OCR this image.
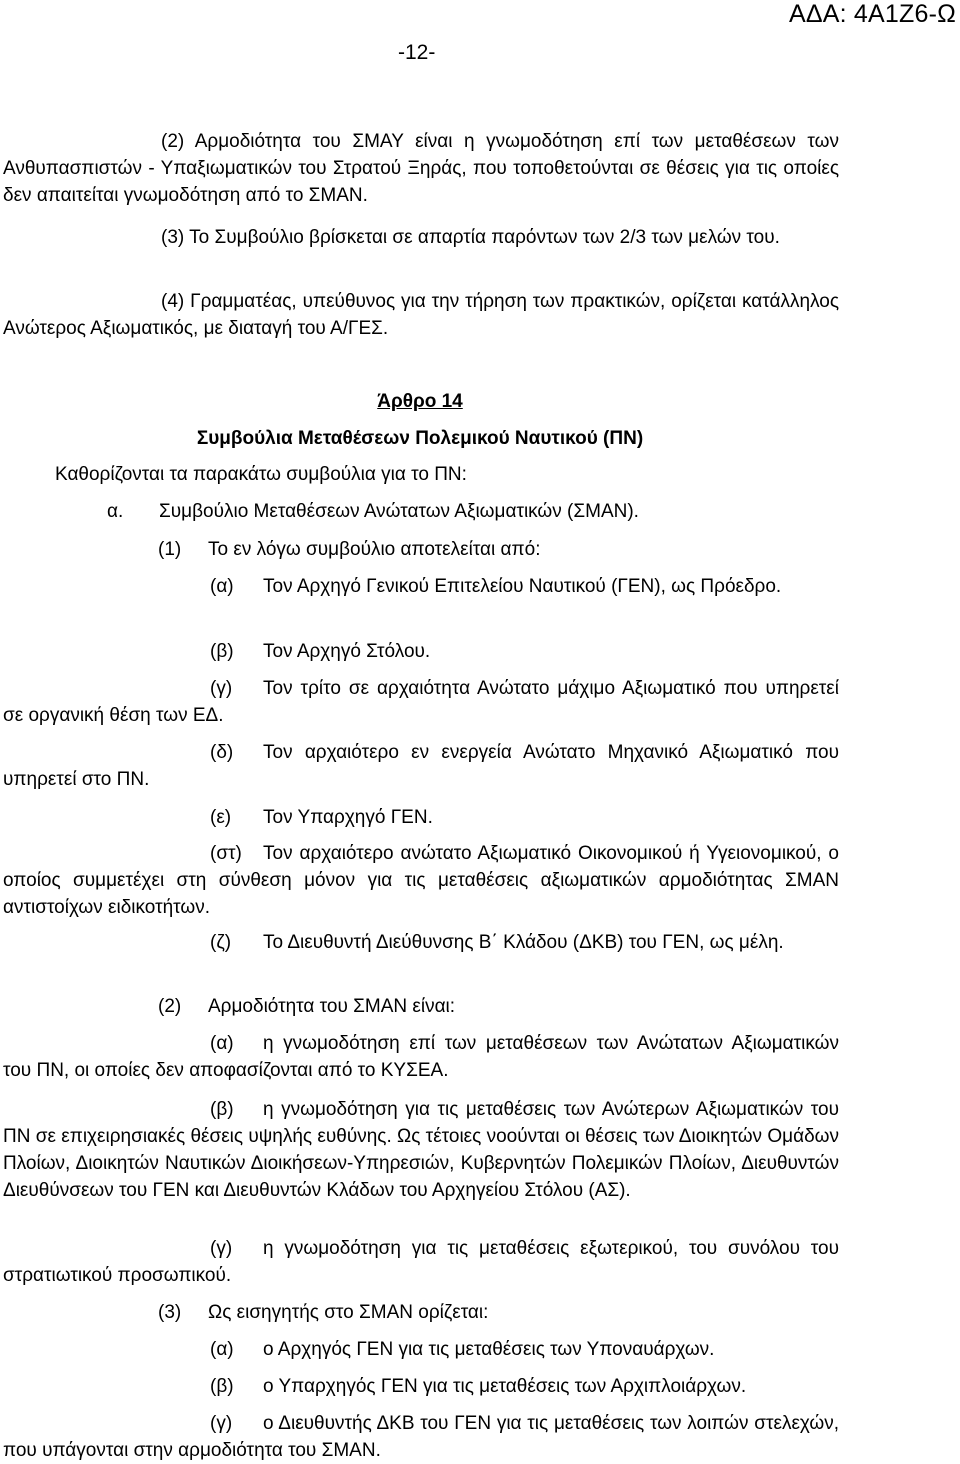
ΑΔΑ: 4Α1Ζ6-Ω
-12-
(2) Αρμοδιότητα του ΣΜΑΥ είναι η γνωμοδότηση επί των μεταθέσεων των Ανθυπασπιστών - Υπαξιωματικών του Στρατού Ξηράς, που τοποθετούνται σε θέσεις για τις οποίες δεν απαιτείται γνωμοδότηση από το ΣΜΑΝ.
(3) Το Συμβούλιο βρίσκεται σε απαρτία παρόντων των 2/3 των μελών του.
(4) Γραμματέας, υπεύθυνος για την τήρηση των πρακτικών, ορίζεται κατάλληλος Ανώτερος Αξιωματικός, με διαταγή του Α/ΓΕΣ.
Άρθρο 14
Συμβούλια Μεταθέσεων Πολεμικού Ναυτικού (ΠΝ)
Καθορίζονται τα παρακάτω συμβούλια για το ΠΝ:
α. Συμβούλιο Μεταθέσεων Ανώτατων Αξιωματικών (ΣΜΑΝ).
(1) Το εν λόγω συμβούλιο αποτελείται από:
(α) Τον Αρχηγό Γενικού Επιτελείου Ναυτικού (ΓΕΝ), ως Πρόεδρο.
(β) Τον Αρχηγό Στόλου.
(γ) Τον τρίτο σε αρχαιότητα Ανώτατο μάχιμο Αξιωματικό που υπηρετεί σε οργανική θέση των ΕΔ.
(δ) Τον αρχαιότερο εν ενεργεία Ανώτατο Μηχανικό Αξιωματικό που υπηρετεί στο ΠΝ.
(ε) Τον Υπαρχηγό ΓΕΝ.
(στ) Τον αρχαιότερο ανώτατο Αξιωματικό Οικονομικού ή Υγειονομικού, ο οποίος συμμετέχει στη σύνθεση μόνον για τις μεταθέσεις αξιωματικών αρμοδιότητας ΣΜΑΝ αντιστοίχων ειδικοτήτων.
(ζ) Το Διευθυντή Διεύθυνσης Β΄ Κλάδου (ΔΚΒ) του ΓΕΝ, ως μέλη.
(2) Αρμοδιότητα του ΣΜΑΝ είναι:
(α) η γνωμοδότηση επί των μεταθέσεων των Ανώτατων Αξιωματικών του ΠΝ, οι οποίες δεν αποφασίζονται από το ΚΥΣΕΑ.
(β) η γνωμοδότηση για τις μεταθέσεις των Ανώτερων Αξιωματικών του ΠΝ σε επιχειρησιακές θέσεις υψηλής ευθύνης. Ως τέτοιες νοούνται οι θέσεις των Διοικητών Ομάδων Πλοίων, Διοικητών Ναυτικών Διοικήσεων-Υπηρεσιών, Κυβερνητών Πολεμικών Πλοίων, Διευθυντών Διευθύνσεων του ΓΕΝ και Διευθυντών Κλάδων του Αρχηγείου Στόλου (ΑΣ).
(γ) η γνωμοδότηση για τις μεταθέσεις εξωτερικού, του συνόλου του στρατιωτικού προσωπικού.
(3) Ως εισηγητής στο ΣΜΑΝ ορίζεται:
(α) ο Αρχηγός ΓΕΝ για τις μεταθέσεις των Υποναυάρχων.
(β) ο Υπαρχηγός ΓΕΝ για τις μεταθέσεις των Αρχιπλοιάρχων.
(γ) ο Διευθυντής ΔΚΒ του ΓΕΝ για τις μεταθέσεις των λοιπών στελεχών, που υπάγονται στην αρμοδιότητα του ΣΜΑΝ.
